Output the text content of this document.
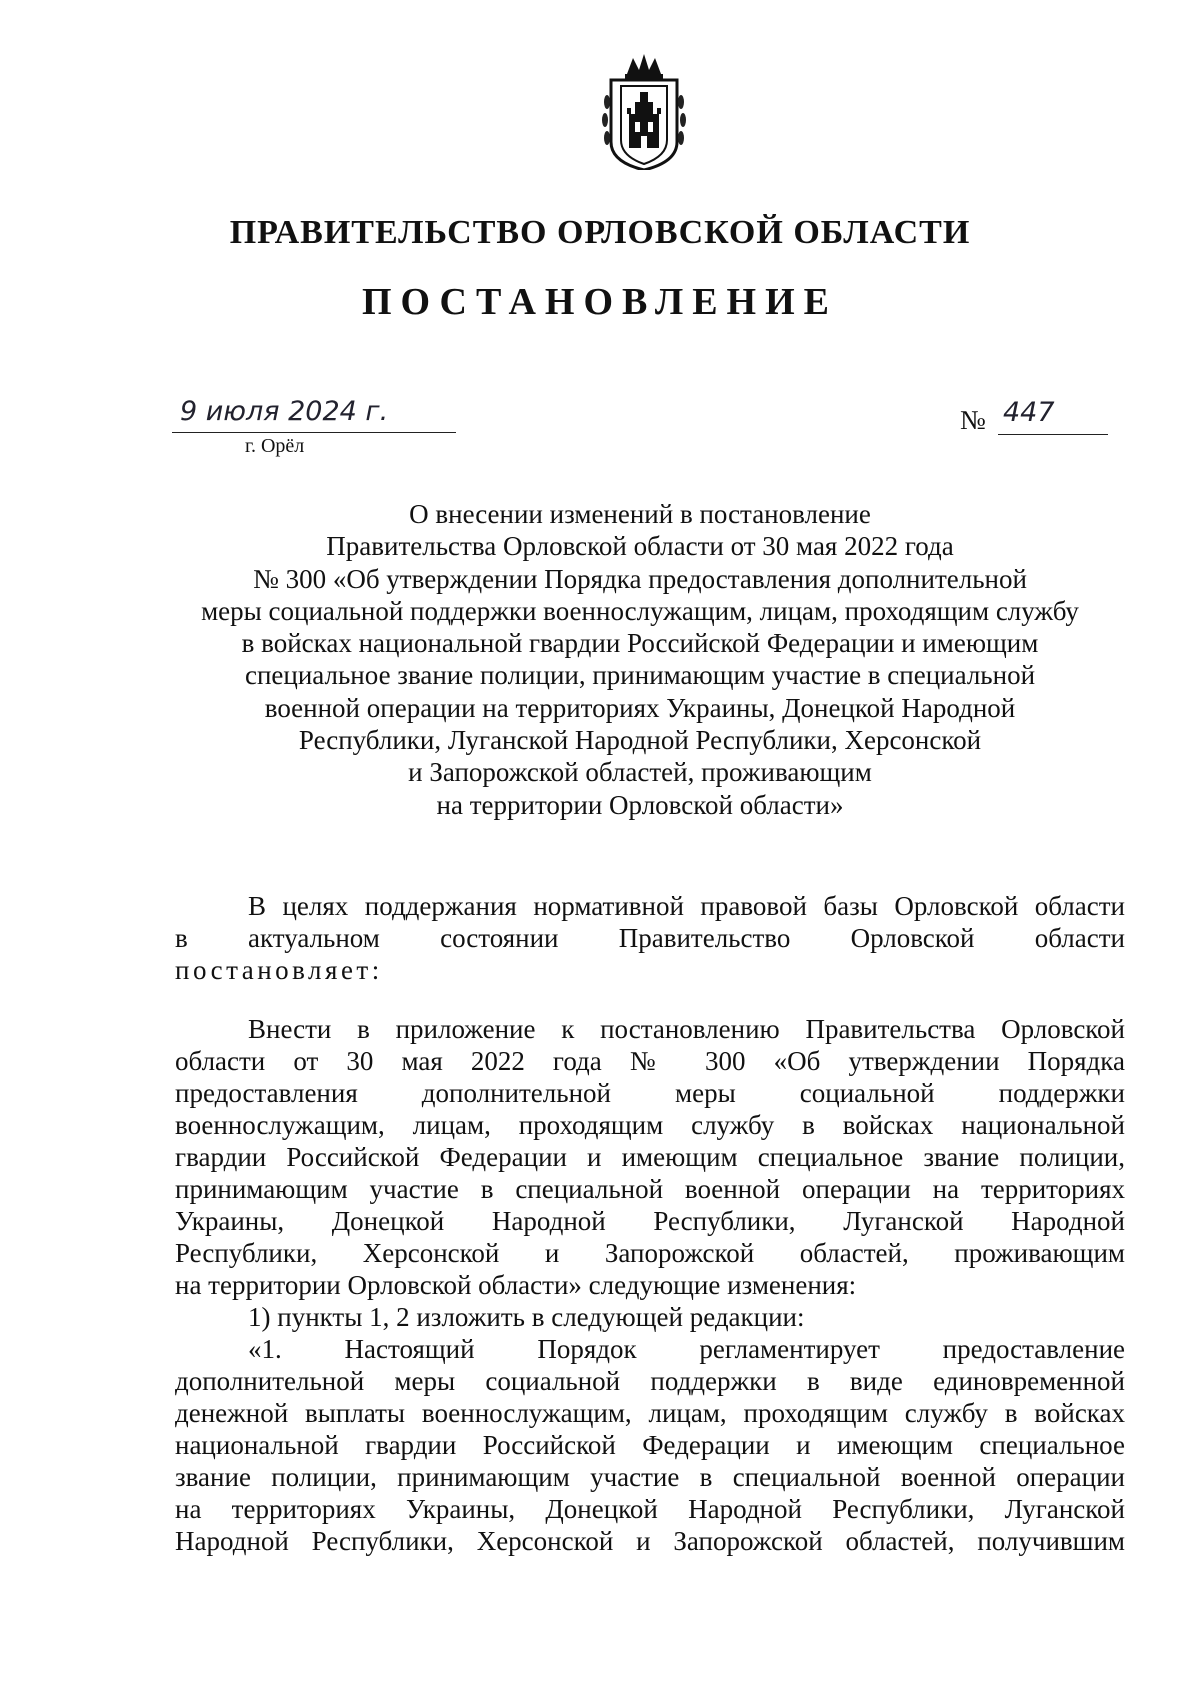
ПРАВИТЕЛЬСТВО ОРЛОВСКОЙ ОБЛАСТИ
ПОСТАНОВЛЕНИЕ
9 июля 2024 г.
г. Орёл
№ 447
О внесении изменений в постановление
Правительства Орловской области от 30 мая 2022 года
№ 300 «Об утверждении Порядка предоставления дополнительной
меры социальной поддержки военнослужащим, лицам, проходящим службу
в войсках национальной гвардии Российской Федерации и имеющим
специальное звание полиции, принимающим участие в специальной
военной операции на территориях Украины, Донецкой Народной
Республики, Луганской Народной Республики, Херсонской
и Запорожской областей, проживающим
на территории Орловской области»
В целях поддержания нормативной правовой базы Орловской области
в актуальном состоянии Правительство Орловской области
постановляет:
Внести в приложение к постановлению Правительства Орловской
области от 30 мая 2022 года № 300 «Об утверждении Порядка
предоставления дополнительной меры социальной поддержки
военнослужащим, лицам, проходящим службу в войсках национальной
гвардии Российской Федерации и имеющим специальное звание полиции,
принимающим участие в специальной военной операции на территориях
Украины, Донецкой Народной Республики, Луганской Народной
Республики, Херсонской и Запорожской областей, проживающим
на территории Орловской области» следующие изменения:
1) пункты 1, 2 изложить в следующей редакции:
«1. Настоящий Порядок регламентирует предоставление
дополнительной меры социальной поддержки в виде единовременной
денежной выплаты военнослужащим, лицам, проходящим службу в войсках
национальной гвардии Российской Федерации и имеющим специальное
звание полиции, принимающим участие в специальной военной операции
на территориях Украины, Донецкой Народной Республики, Луганской
Народной Республики, Херсонской и Запорожской областей, получившим
